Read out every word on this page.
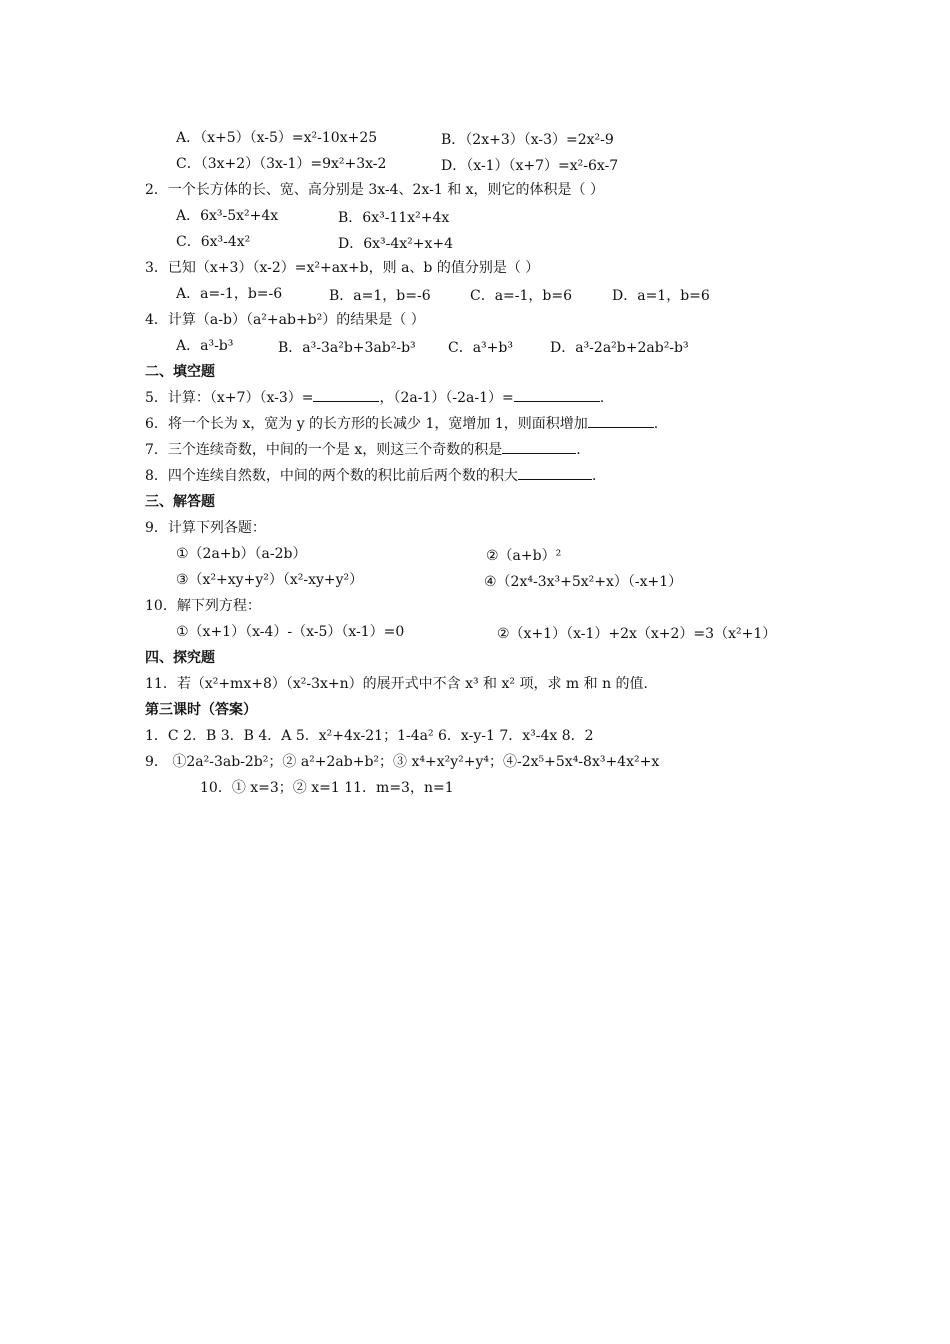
A．（x+5）（x-5）=x²-10x+25	B．（2x+3）（x-3）=2x²-9
C．（3x+2）（3x-1）=9x²+3x-2	D．（x-1）（x+7）=x²-6x-7
2．一个长方体的长、宽、高分别是 3x-4、2x-1 和 x，则它的体积是（ ）
A．6x³-5x²+4x	B．6x³-11x²+4x
C．6x³-4x²	D．6x³-4x²+x+4
3．已知（x+3）（x-2）=x²+ax+b，则 a、b 的值分别是（ ）
A．a=-1，b=-6	B．a=1，b=-6	C．a=-1，b=6	D．a=1，b=6
4．计算（a-b）（a²+ab+b²）的结果是（ ）
A．a³-b³	B．a³-3a²b+3ab²-b³ C．a³+b³	D．a³-2a²b+2ab²-b³
二、填空题
5．计算：（x+7）（x-3）=	，（2a-1）（-2a-1）=	.
6．将一个长为 x，宽为 y 的长方形的长减少 1，宽增加 1，则面积增加	.
7．三个连续奇数，中间的一个是 x，则这三个奇数的积是	.
8．四个连续自然数，中间的两个数的积比前后两个数的积大	.
三、解答题
9．计算下列各题：
①（2a+b）（a-2b）	②（a+b）²
③（x²+xy+y²）（x²-xy+y²）	④（2x⁴-3x³+5x²+x）（-x+1）
10．解下列方程：
①（x+1）（x-4）-（x-5）（x-1）=0	②（x+1）（x-1）+2x（x+2）=3（x²+1）
四、探究题
11．若（x²+mx+8）（x²-3x+n）的展开式中不含 x³ 和 x² 项，求 m 和 n 的值.
第三课时（答案）
1．C 2．B 3．B 4．A 5．x²+4x-21；1-4a² 6．x-y-1 7．x³-4x 8．2
9． ①2a²-3ab-2b²；② a²+2ab+b²；③ x⁴+x²y²+y⁴；④-2x⁵+5x⁴-8x³+4x²+x
10．① x=3；② x=1 11．m=3，n=1
